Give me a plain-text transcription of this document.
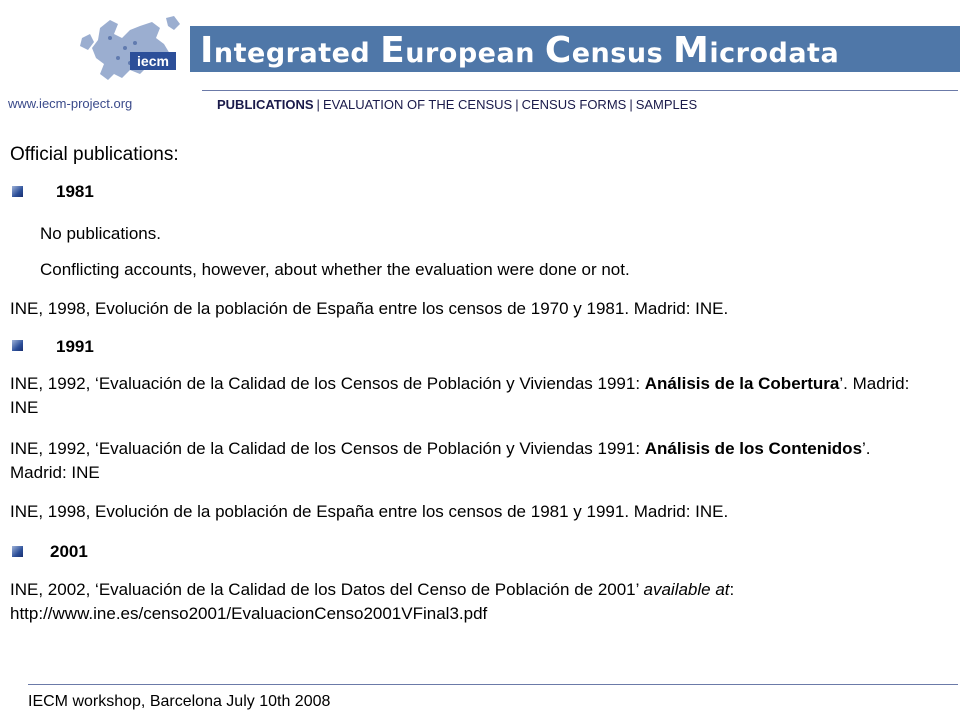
iecm Integrated European Census Microdata
www.iecm-project.org	PUBLICATIONS | EVALUATION OF THE CENSUS | CENSUS FORMS | SAMPLES
Official publications:
1981
No publications.
Conflicting accounts, however, about whether the evaluation were done or not.
INE, 1998, Evolución de la población de España entre los censos de 1970 y 1981. Madrid: INE.
1991
INE, 1992, ‘Evaluación de la Calidad de los Censos de Población y Viviendas 1991: Análisis de la Cobertura’. Madrid: INE
INE, 1992, ‘Evaluación de la Calidad de los Censos de Población y Viviendas 1991: Análisis de los Contenidos’. Madrid: INE
INE, 1998, Evolución de la población de España entre los censos de 1981 y 1991. Madrid: INE.
2001
INE, 2002, ‘Evaluación de la Calidad de los Datos del Censo de Población de 2001’ available at: http://www.ine.es/censo2001/EvaluacionCenso2001VFinal3.pdf
IECM workshop, Barcelona July 10th 2008
